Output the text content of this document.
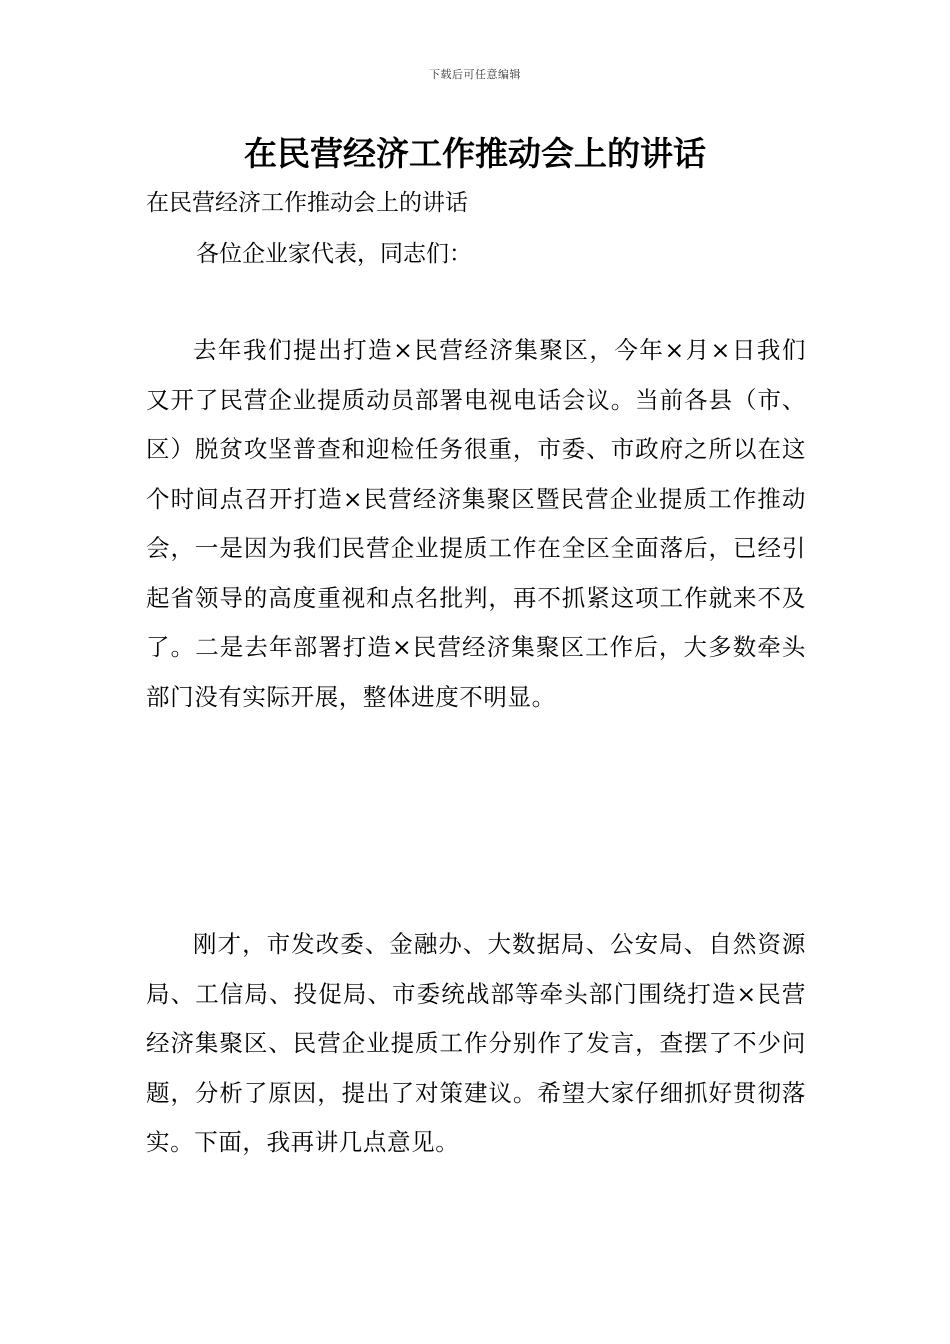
下载后可任意编辑
在民营经济工作推动会上的讲话

在民营经济工作推动会上的讲话

各位企业家代表，同志们：

去年我们提出打造×民营经济集聚区，今年×月×日我们又开了民营企业提质动员部署电视电话会议。当前各县（市、区）脱贫攻坚普查和迎检任务很重，市委、市政府之所以在这个时间点召开打造×民营经济集聚区暨民营企业提质工作推动会，一是因为我们民营企业提质工作在全区全面落后，已经引起省领导的高度重视和点名批判，再不抓紧这项工作就来不及了。二是去年部署打造×民营经济集聚区工作后，大多数牵头部门没有实际开展，整体进度不明显。

刚才，市发改委、金融办、大数据局、公安局、自然资源局、工信局、投促局、市委统战部等牵头部门围绕打造×民营经济集聚区、民营企业提质工作分别作了发言，查摆了不少问题，分析了原因，提出了对策建议。希望大家仔细抓好贯彻落实。下面，我再讲几点意见。
